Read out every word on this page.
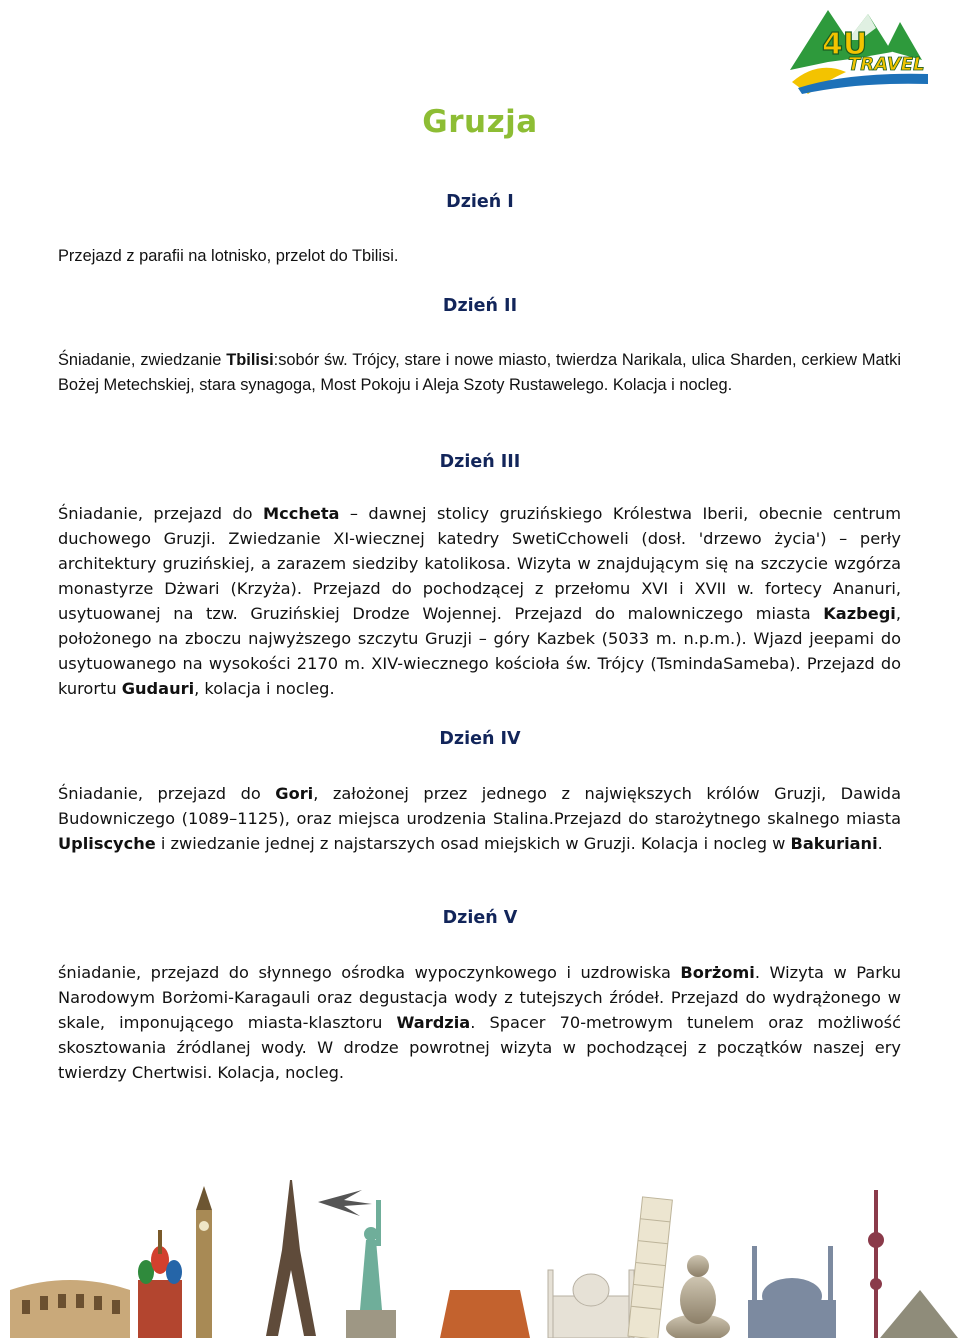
4U
TRAVEL
Gruzja
Dzień I

Przejazd z parafii na lotnisko, przelot do Tbilisi.

Dzień II

Śniadanie, zwiedzanie Tbilisi:sobór św. Trójcy, stare i nowe miasto, twierdza Narikala, ulica Sharden, cerkiew Matki Bożej Metechskiej, stara synagoga, Most Pokoju i Aleja Szoty Rustawelego. Kolacja i nocleg.

Dzień III

Śniadanie, przejazd do Mccheta – dawnej stolicy gruzińskiego Królestwa Iberii, obecnie centrum duchowego Gruzji. Zwiedzanie XI-wiecznej katedry SwetiCchoweli (dosł. 'drzewo życia') – perły architektury gruzińskiej, a zarazem siedziby katolikosa. Wizyta w znajdującym się na szczycie wzgórza monastyrze Dżwari (Krzyża). Przejazd do pochodzącej z przełomu XVI i XVII w. fortecy Ananuri, usytuowanej na tzw. Gruzińskiej Drodze Wojennej. Przejazd do malowniczego miasta Kazbegi, położonego na zboczu najwyższego szczytu Gruzji – góry Kazbek (5033 m. n.p.m.). Wjazd jeepami do usytuowanego na wysokości 2170 m. XIV-wiecznego kościoła św. Trójcy (TsmindaSameba). Przejazd do kurortu Gudauri, kolacja i nocleg.

Dzień IV

Śniadanie, przejazd do Gori, założonej przez jednego z największych królów Gruzji, Dawida Budowniczego (1089–1125), oraz miejsca urodzenia Stalina.Przejazd do starożytnego skalnego miasta Upliscyche i zwiedzanie jednej z najstarszych osad miejskich w Gruzji. Kolacja i nocleg w Bakuriani.

Dzień V

śniadanie, przejazd do słynnego ośrodka wypoczynkowego i uzdrowiska Borżomi. Wizyta w Parku Narodowym Borżomi-Karagauli oraz degustacja wody z tutejszych źródeł. Przejazd do wydrążonego w skale, imponującego miasta-klasztoru Wardzia. Spacer 70-metrowym tunelem oraz możliwość skosztowania źródlanej wody. W drodze powrotnej wizyta w pochodzącej z początków naszej ery twierdzy Chertwisi. Kolacja, nocleg.
